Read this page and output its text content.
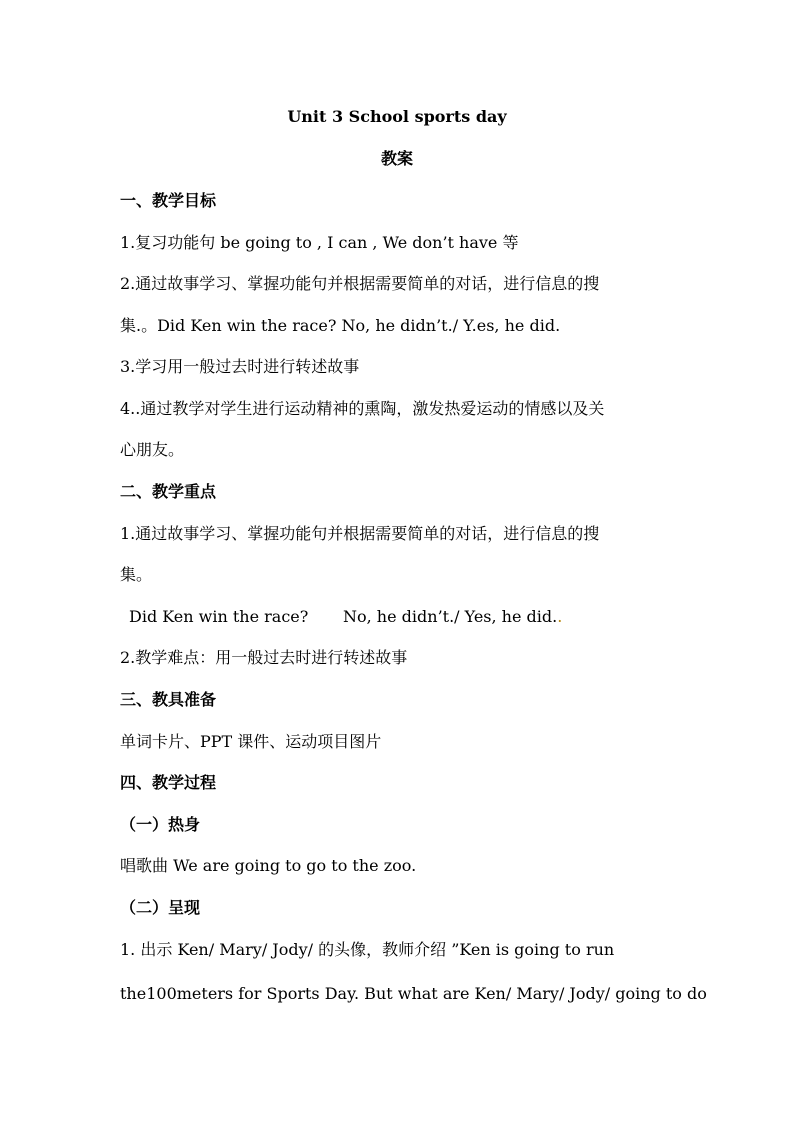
Unit 3 School sports day
教案
一、教学目标
1.复习功能句 be going to , I can , We don’t have 等
2.通过故事学习、掌握功能句并根据需要简单的对话，进行信息的搜
集.。Did Ken win the race? No, he didn’t./ Y.es, he did.
3.学习用一般过去时进行转述故事
4..通过教学对学生进行运动精神的熏陶，激发热爱运动的情感以及关
心朋友。
二、教学重点
1.通过故事学习、掌握功能句并根据需要简单的对话，进行信息的搜
集。
Did Ken win the race? No, he didn’t./ Yes, he did..
2.教学难点：用一般过去时进行转述故事
三、教具准备
单词卡片、PPT 课件、运动项目图片
四、教学过程
（一）热身
唱歌曲 We are going to go to the zoo.
（二）呈现
1. 出示 Ken/ Mary/ Jody/ 的头像，教师介绍 ”Ken is going to run
the100meters for Sports Day. But what are Ken/ Mary/ Jody/ going to do
